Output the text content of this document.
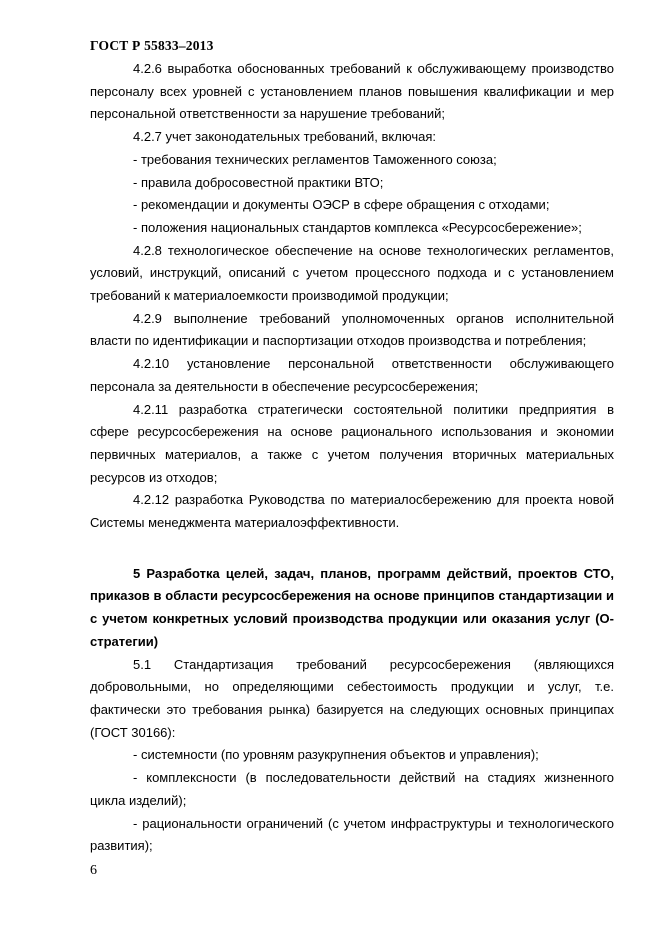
ГОСТ Р 55833–2013

4.2.6 выработка обоснованных требований к обслуживающему производство персоналу всех уровней с установлением планов повышения квалификации и мер персональной ответственности за нарушение требований;

4.2.7 учет законодательных требований, включая:

- требования технических регламентов Таможенного союза;

- правила добросовестной практики ВТО;

- рекомендации и документы ОЭСР в сфере обращения с отходами;

- положения национальных стандартов комплекса «Ресурсосбережение»;

4.2.8 технологическое обеспечение на основе технологических регламентов, условий, инструкций, описаний с учетом процессного подхода и с установлением требований к материалоемкости производимой продукции;

4.2.9 выполнение требований уполномоченных органов исполнительной власти по идентификации и паспортизации отходов производства и потребления;

4.2.10 установление персональной ответственности обслуживающего персонала за деятельности в обеспечение ресурсосбережения;

4.2.11 разработка стратегически состоятельной политики предприятия в сфере ресурсосбережения на основе рационального использования и экономии первичных материалов, а также с учетом получения вторичных материальных ресурсов из отходов;

4.2.12 разработка Руководства по материалосбережению для проекта новой Системы менеджмента материалоэффективности.

5 Разработка целей, задач, планов, программ действий, проектов СТО, приказов в области ресурсосбережения на основе принципов стандартизации и с учетом конкретных условий производства продукции или оказания услуг (О-стратегии)

5.1 Стандартизация требований ресурсосбережения (являющихся добровольными, но определяющими себестоимость продукции и услуг, т.е. фактически это требования рынка) базируется на следующих основных принципах (ГОСТ 30166):

- системности (по уровням разукрупнения объектов и управления);

- комплексности (в последовательности действий на стадиях жизненного цикла изделий);

- рациональности ограничений (с учетом инфраструктуры и технологического развития);

6
